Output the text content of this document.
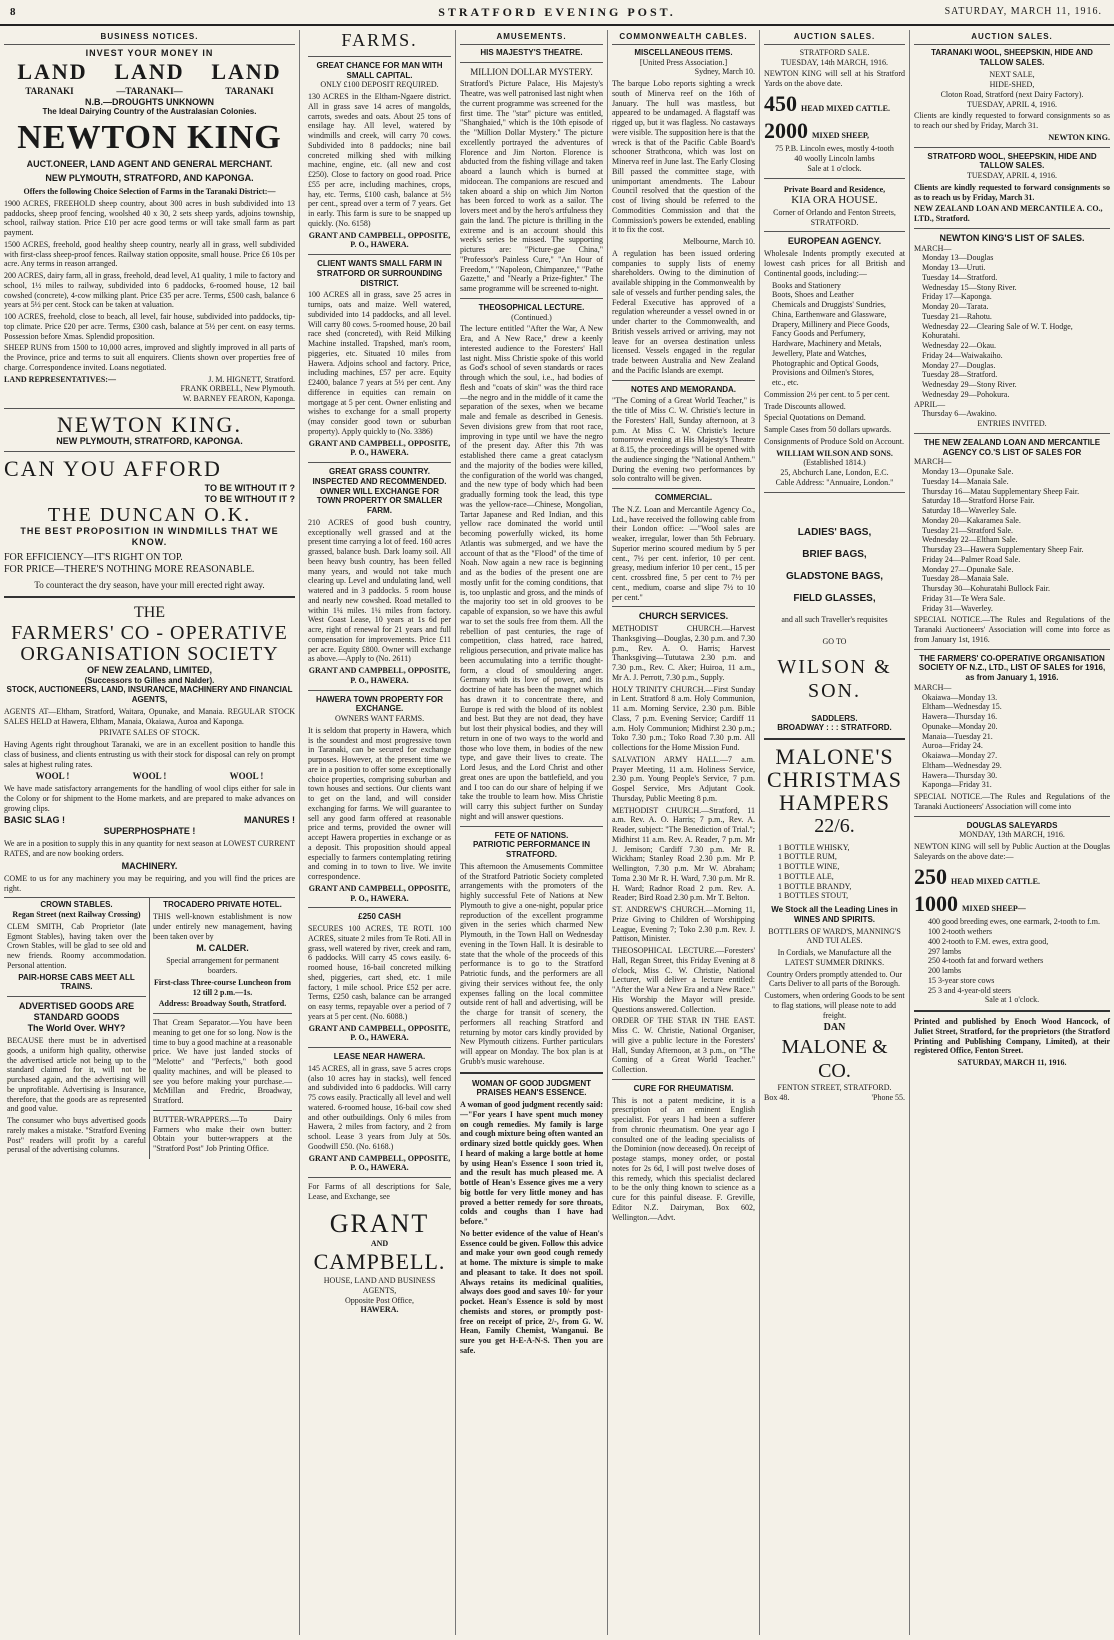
8	STRATFORD EVENING POST.	SATURDAY, MARCH 11, 1916.
BUSINESS NOTICES.
INVEST YOUR MONEY IN
LAND LAND LAND
TARANAKI	—TARANAKI—	TARANAKI
N.B.—DROUGHTS UNKNOWN
The Ideal Dairying Country of the Australasian Colonies.
NEWTON KING
AUCT.ONEER, LAND AGENT AND GENERAL MERCHANT.
NEW PLYMOUTH, STRATFORD, AND KAPONGA.
Offers the following Choice Selection of Farms in the Taranaki District:—

1900 ACRES, FREEHOLD sheep country, about 300 acres in bush subdivided into 13 paddocks, sheep proof fencing, woolshed 40 x 30, 2 sets sheep yards, adjoins township, school, railway station. Price £10 per acre good terms or will take small farm as part payment.

1500 ACRES, freehold, good healthy sheep country, nearly all in grass, well subdivided with first-class sheep-proof fences. Railway station opposite, small house. Price £6 10s per acre. Any terms in reason arranged.

200 ACRES, dairy farm, all in grass, freehold, dead level, A1 quality, 1 mile to factory and school, 1½ miles to railway, subdivided into 6 paddocks, 6-roomed house, 12 bail cowshed (concrete), 4-cow milking plant. Price £35 per acre. Terms, £500 cash, balance 6 years at 5½ per cent. Stock can be taken at valuation.

100 ACRES, freehold, close to beach, all level, fair house, subdivided into paddocks, tip-top climate. Price £20 per acre. Terms, £300 cash, balance at 5½ per cent. on easy terms. Possession before Xmas. Splendid proposition.

SHEEP RUNS from 1500 to 10,000 acres, improved and slightly improved in all parts of the Province, price and terms to suit all enquirers. Clients shown over properties free of charge. Correspondence invited. Loans negotiated.

LAND REPRESENTATIVES:—	J. M. HIGNETT, Stratford.
FRANK ORBELL, New Plymouth.
W. BARNEY FEARON, Kaponga.
NEWTON KING.
NEW PLYMOUTH, STRATFORD, KAPONGA.
CAN YOU AFFORD
TO BE WITHOUT IT ?
TO BE WITHOUT IT ?
THE DUNCAN O.K.
THE BEST PROPOSITION IN WINDMILLS THAT WE KNOW.
FOR EFFICIENCY—IT'S RIGHT ON TOP.
FOR PRICE—THERE'S NOTHING MORE REASONABLE.
To counteract the dry season, have your mill erected right away.
THE
FARMERS' CO - OPERATIVE ORGANISATION SOCIETY
OF NEW ZEALAND, LIMITED,
(Successors to Gilles and Nalder).
STOCK, AUCTIONEERS, LAND, INSURANCE, MACHINERY AND FINANCIAL AGENTS,

AGENTS AT—Eltham, Stratford, Waitara, Opunake, and Manaia. REGULAR STOCK SALES HELD at Hawera, Eltham, Manaia, Okaiawa, Auroa and Kaponga.

PRIVATE SALES OF STOCK.

Having Agents right throughout Taranaki, we are in an excellent position to handle this class of business, and clients entrusting us with their stock for disposal can rely on prompt sales at highest ruling rates.

WOOL !	WOOL !	WOOL !

We have made satisfactory arrangements for the handling of wool clips either for sale in the Colony or for shipment to the Home markets, and are prepared to make advances on growing clips.

BASIC SLAG !	MANURES !
SUPERPHOSPHATE !

We are in a position to supply this in any quantity for next season at LOWEST CURRENT RATES, and are now booking orders.

MACHINERY.

COME to us for any machinery you may be requiring, and you will find the prices are right.

CROWN STABLES.
Regan Street (next Railway Crossing)

CLEM SMITH, Cab Proprietor (late Egmont Stables), having taken over the Crown Stables, will be glad to see old and new friends. Roomy accommodation. Personal attention.

PAIR-HORSE CABS MEET ALL TRAINS.
ADVERTISED GOODS ARE
STANDARD GOODS
The World Over. WHY?

BECAUSE there must be in advertised goods, a uniform high quality, otherwise the advertised article not being up to the standard claimed for it, will not be purchased again, and the advertising will be unprofitable. Advertising is Insurance, therefore, that the goods are as represented and good value.

The consumer who buys advertised goods rarely makes a mistake. "Stratford Evening Post" readers will profit by a careful perusal of the advertising columns.

TROCADERO PRIVATE HOTEL.

THIS well-known establishment is now under entirely new management, having been taken over by

M. CALDER.

Special arrangement for permanent boarders.

First-class Three-course Luncheon from 12 till 2 p.m.—1s.

Address: Broadway South, Stratford.

That Cream Separator.—You have been meaning to get one for so long. Now is the time to buy a good machine at a reasonable price. We have just landed stocks of "Melotte" and "Perfects," both good quality machines, and will be pleased to see you before making your purchase.—McMillan and Fredric, Broadway, Stratford.

BUTTER-WRAPPERS.—To Dairy Farmers who make their own butter: Obtain your butter-wrappers at the "Stratford Post" Job Printing Office.

FARMS.
GREAT CHANCE FOR MAN WITH SMALL CAPITAL.
ONLY £100 DEPOSIT REQUIRED.

130 ACRES in the Eltham-Ngaere district. All in grass save 14 acres of mangolds, carrots, swedes and oats. About 25 tons of ensilage hay. All level, watered by windmills and creek, will carry 70 cows. Subdivided into 8 paddocks; nine bail concreted milking shed with milking machine, engine, etc. (all new and cost £250). Close to factory on good road. Price £55 per acre, including machines, crops, hay, etc. Terms, £100 cash, balance at 5½ per cent., spread over a term of 7 years. Get in early. This farm is sure to be snapped up quickly. (No. 6158)

GRANT AND CAMPBELL, OPPOSITE, P. O., HAWERA.
CLIENT WANTS SMALL FARM IN STRATFORD OR SURROUNDING DISTRICT.

100 ACRES all in grass, save 25 acres in turnips, oats and maize. Well watered, subdivided into 14 paddocks, and all level. Will carry 80 cows. 5-roomed house, 20 bail race shed (concreted), with Reid Milking Machine installed. Trapshed, man's room, piggeries, etc. Situated 10 miles from Hawera. Adjoins school and factory. Price, including machines, £57 per acre. Equity £2400, balance 7 years at 5½ per cent. Any difference in equities can remain on mortgage at 5 per cent. Owner enlisting and wishes to exchange for a small property (may consider good town or suburban property). Apply quickly to (No. 3386)

GRANT AND CAMPBELL, OPPOSITE, P. O., HAWERA.
GREAT GRASS COUNTRY. INSPECTED AND RECOMMENDED.
OWNER WILL EXCHANGE FOR TOWN PROPERTY OR SMALLER FARM.

210 ACRES of good bush country, exceptionally well grassed and at the present time carrying a lot of feed. 160 acres grassed, balance bush. Dark loamy soil. All been heavy bush country, has been felled many years, and would not take much clearing up. Level and undulating land, well watered and in 3 paddocks. 5 room house and nearly new cowshed. Road metalled to within 1¼ miles. 1¼ miles from factory. West Coast Lease, 10 years at 1s 6d per acre, right of renewal for 21 years and full compensation for improvements. Price £11 per acre. Equity £800. Owner will exchange as above.—Apply to (No. 2611)

GRANT AND CAMPBELL, OPPOSITE, P. O., HAWERA.
HAWERA TOWN PROPERTY FOR EXCHANGE.
OWNERS WANT FARMS.

It is seldom that property in Hawera, which is the soundest and most progressive town in Taranaki, can be secured for exchange purposes. However, at the present time we are in a position to offer some exceptionally choice properties, comprising suburban and town houses and sections. Our clients want to get on the land, and will consider exchanging for farms. We will guarantee to sell any good farm offered at reasonable price and terms, provided the owner will accept Hawera properties in exchange or as a deposit. This proposition should appeal especially to farmers contemplating retiring and coming in to town to live. We invite correspondence.

GRANT AND CAMPBELL, OPPOSITE, P. O., HAWERA.
£250 CASH

SECURES 100 ACRES, TE ROTI. 100 ACRES, situate 2 miles from Te Roti. All in grass, well watered by river, creek and ram, 6 paddocks. Will carry 45 cows easily. 6-roomed house, 16-bail concreted milking shed, piggeries, cart shed, etc. 1 mile factory, 1 mile school. Price £52 per acre. Terms, £250 cash, balance can be arranged on easy terms, repayable over a period of 7 years at 5 per cent. (No. 6088.)

GRANT AND CAMPBELL, OPPOSITE, P. O., HAWERA.
LEASE NEAR HAWERA.

145 ACRES, all in grass, save 5 acres crops (also 10 acres hay in stacks), well fenced and subdivided into 6 paddocks. Will carry 75 cows easily. Practically all level and well watered. 6-roomed house, 16-bail cow shed and other outbuildings. Only 6 miles from Hawera, 2 miles from factory, and 2 from school. Lease 3 years from July at 50s. Goodwill £50. (No. 6168.)

GRANT AND CAMPBELL, OPPOSITE, P. O., HAWERA.

For Farms of all descriptions for Sale, Lease, and Exchange, see

GRANT
AND
CAMPBELL.
HOUSE, LAND AND BUSINESS AGENTS,
Opposite Post Office,
HAWERA.
AMUSEMENTS.
HIS MAJESTY'S THEATRE.
MILLION DOLLAR MYSTERY.

Stratford's Picture Palace, His Majesty's Theatre, was well patronised last night when the current programme was screened for the first time. The "star" picture was entitled, "Shanghaied," which is the 10th episode of the "Million Dollar Mystery." The picture excellently portrayed the adventures of Florence and Jim Norton. Florence is abducted from the fishing village and taken aboard a launch which is burned at midocean. The companions are rescued and taken aboard a ship on which Jim Norton has been forced to work as a sailor. The lovers meet and by the hero's artfulness they gain the land. The picture is thrilling in the extreme and is an account should this week's series be missed. The supporting pictures are: "Picture-gae China," "Professor's Painless Cure," "An Hour of Freedom," "Napoleon, Chimpanzee," "Pathe Gazette," and "Nearly a Prize-fighter." The same programme will be screened to-night.

THEOSOPHICAL LECTURE.
(Continued.)

The lecture entitled "After the War, A New Era, and A New Race," drew a keenly interested audience to the Foresters' Hall last night. Miss Christie spoke of this world as God's school of seven standards or races through which the soul, i.e., had bodies of flesh and "coats of skin" was the third race—the negro and in the middle of it came the separation of the sexes, when we became male and female as described in Genesis. Seven divisions grew from that root race, improving in type until we have the negro of the present day. After this 7th was established there came a great cataclysm and the majority of the bodies were killed, the configuration of the world was changed, and the new type of body which had been gradually forming took the lead, this type was the yellow-race—Chinese, Mongolian, Tartar Japanese and Red Indian, and this yellow race dominated the world until becoming powerfully wicked, its home Atlantis was submerged, and we have the account of that as the "Flood" of the time of Noah. Now again a new race is beginning and as the bodies of the present one are mostly unfit for the coming conditions, that is, too unplastic and gross, and the minds of the majority too set in old grooves to be capable of expansion, so we have this awful war to set the souls free from them. All the rebellion of past centuries, the rage of competition, class hatred, race hatred, religious persecution, and private malice has been accumulating into a terrific thought-form, a cloud of smouldering anger. Germany with its love of power, and its doctrine of hate has been the magnet which has drawn it to concentrate there, and Europe is red with the blood of its noblest and best. But they are not dead, they have but lost their physical bodies, and they will return in one of two ways to the world and those who love them, in bodies of the new type, and gave their lives to create. The Lord Jesus, and the Lord Christ and other great ones are upon the battlefield, and you and I too can do our share of helping if we take the trouble to learn how. Miss Christie will carry this subject further on Sunday night and will answer questions.

FETE OF NATIONS.
PATRIOTIC PERFORMANCE IN STRATFORD.

This afternoon the Amusements Committee of the Stratford Patriotic Society completed arrangements with the promoters of the highly successful Fete of Nations at New Plymouth to give a one-night, popular price reproduction of the excellent programme given in the series which charmed New Plymouth, in the Town Hall on Wednesday evening in the Town Hall. It is desirable to state that the whole of the proceeds of this performance is to go to the Stratford Patriotic funds, and the performers are all giving their services without fee, the only expenses falling on the local committee outside rent of hall and advertising, will be the charge for transit of scenery, the performers all reaching Stratford and returning by motor cars kindly provided by New Plymouth citizens. Further particulars will appear on Monday. The box plan is at Grubb's music warehouse.

WOMAN OF GOOD JUDGMENT PRAISES HEAN'S ESSENCE.

A woman of good judgment recently said:—"For years I have spent much money on cough remedies. My family is large and cough mixture being often wanted an ordinary sized bottle quickly goes. When I heard of making a large bottle at home by using Hean's Essence I soon tried it, and the result has much pleased me. A bottle of Hean's Essence gives me a very big bottle for very little money and has proved a better remedy for sore throats, colds and coughs than I have had before."

No better evidence of the value of Hean's Essence could be given. Follow this advice and make your own good cough remedy at home. The mixture is simple to make and pleasant to take. It does not spoil. Always retains its medicinal qualities, always does good and saves 10/- for your pocket. Hean's Essence is sold by most chemists and stores, or promptly post-free on receipt of price, 2/-, from G. W. Hean, Family Chemist, Wanganui. Be sure you get H-E-A-N-S. Then you are safe.

COMMONWEALTH CABLES.
MISCELLANEOUS ITEMS.
[United Press Association.]
Sydney, March 10.

The barque Lobo reports sighting a wreck south of Minerva reef on the 16th of January. The hull was mastless, but appeared to be undamaged. A flagstaff was rigged up, but it was flagless. No castaways were visible. The supposition here is that the wreck is that of the Pacific Cable Board's schooner Strathcona, which was lost on Minerva reef in June last. The Early Closing Bill passed the committee stage, with unimportant amendments. The Labour Council resolved that the question of the cost of living should be referred to the Commodities Commission and that the Commission's powers be extended, enabling it to fix the cost.

Melbourne, March 10.

A regulation has been issued ordering companies to supply lists of enemy shareholders. Owing to the diminution of available shipping in the Commonwealth by sale of vessels and further pending sales, the Federal Executive has approved of a regulation whereunder a vessel owned in or under charter to the Commonwealth, and British vessels arrived or arriving, may not leave for an oversea destination unless licensed. Vessels engaged in the regular trade between Australia and New Zealand and the Pacific Islands are exempt.

NOTES AND MEMORANDA.

"The Coming of a Great World Teacher," is the title of Miss C. W. Christie's lecture in the Foresters' Hall, Sunday afternoon, at 3 p.m. At Miss C. W. Christie's lecture tomorrow evening at His Majesty's Theatre at 8.15, the proceedings will be opened with the audience singing the "National Anthem." During the evening two performances by solo contralto will be given.

COMMERCIAL.

The N.Z. Loan and Mercantile Agency Co., Ltd., have received the following cable from their London office: —"Wool sales are weaker, irregular, lower than 5th February. Superior merino scoured medium by 5 per cent., 7½ per cent. inferior, 10 per cent. greasy, medium inferior 10 per cent., 15 per cent. crossbred fine, 5 per cent to 7½ per cent., medium, coarse and slipe 7½ to 10 per cent."

CHURCH SERVICES.

METHODIST CHURCH.—Harvest Thanksgiving—Douglas, 2.30 p.m. and 7.30 p.m., Rev. A. O. Harris; Harvest Thanksgiving—Tututawa 2.30 p.m. and 7.30 p.m., Rev. C. Aker; Huiroa, 11 a.m., Mr A. J. Perrott, 7.30 p.m., Supply.

HOLY TRINITY CHURCH.—First Sunday in Lent. Stratford 8 a.m. Holy Communion, 11 a.m. Morning Service, 2.30 p.m. Bible Class, 7 p.m. Evening Service; Cardiff 11 a.m. Holy Communion; Midhirst 2.30 p.m.; Toko 7.30 p.m.; Toko Road 7.30 p.m. All collections for the Home Mission Fund.

SALVATION ARMY HALL.—7 a.m. Prayer Meeting, 11 a.m. Holiness Service, 2.30 p.m. Young People's Service, 7 p.m. Gospel Service, Mrs Adjutant Cook. Thursday, Public Meeting 8 p.m.

METHODIST CHURCH.—Stratford, 11 a.m. Rev. A. O. Harris; 7 p.m., Rev. A. Reader, subject: "The Benediction of Trial."; Midhirst 11 a.m. Rev. A. Reader, 7 p.m. Mr J. Jemison; Cardiff 7.30 p.m. Mr R. Wickham; Stanley Road 2.30 p.m. Mr P. Wellington, 7.30 p.m. Mr W. Abraham; Toma 2.30 Mr R. H. Ward, 7.30 p.m. Mr R. H. Ward; Radnor Road 2 p.m. Rev. A. Reader; Bird Road 2.30 p.m. Mr T. Belton.

ST. ANDREW'S CHURCH.—Morning 11, Prize Giving to Children of Worshipping League, Evening 7; Toko 2.30 p.m. Rev. J. Pattison, Minister.

THEOSOPHICAL LECTURE.—Foresters' Hall, Regan Street, this Friday Evening at 8 o'clock, Miss C. W. Christie, National Lecturer, will deliver a lecture entitled: "After the War a New Era and a New Race." His Worship the Mayor will preside. Questions answered. Collection.

ORDER OF THE STAR IN THE EAST. Miss C. W. Christie, National Organiser, will give a public lecture in the Foresters' Hall, Sunday Afternoon, at 3 p.m., on "The Coming of a Great World Teacher." Collection.

CURE FOR RHEUMATISM.

This is not a patent medicine, it is a prescription of an eminent English specialist. For years I had been a sufferer from chronic rheumatism. One year ago I consulted one of the leading specialists of the Dominion (now deceased). On receipt of postage stamps, money order, or postal notes for 2s 6d, I will post twelve doses of this remedy, which this specialist declared to be the only thing known to science as a cure for this painful disease. F. Greville, Editor N.Z. Dairyman, Box 602, Wellington.—Advt.

AUCTION SALES.
STRATFORD SALE.
TUESDAY, 14th MARCH, 1916.

NEWTON KING will sell at his Stratford Yards on the above date.

450 HEAD MIXED CATTLE.
2000 MIXED SHEEP,
75 P.B. Lincoln ewes, mostly 4-tooth
40 woolly Lincoln lambs
Sale at 1 o'clock.
Private Board and Residence,
KIA ORA HOUSE.
Corner of Orlando and Fenton Streets,
STRATFORD.
EUROPEAN AGENCY.

Wholesale Indents promptly executed at lowest cash prices for all British and Continental goods, including:—

Books and Stationery
Boots, Shoes and Leather
Chemicals and Druggists' Sundries,
China, Earthenware and Glassware,
Drapery, Millinery and Piece Goods,
Fancy Goods and Perfumery,
Hardware, Machinery and Metals,
Jewellery, Plate and Watches,
Photographic and Optical Goods,
Provisions and Oilmen's Stores,
etc., etc.

Commission 2½ per cent. to 5 per cent.

Trade Discounts allowed.

Special Quotations on Demand.

Sample Cases from 50 dollars upwards.

Consignments of Produce Sold on Account.

WILLIAM WILSON AND SONS.
(Established 1814.)
25, Abchurch Lane, London, E.C.
Cable Address: "Annuaire, London."
LADIES' BAGS,
BRIEF BAGS,
GLADSTONE BAGS,
FIELD GLASSES,
and all such Traveller's requisites
GO TO
WILSON &
SON.
SADDLERS.
BROADWAY : : : STRATFORD.
MALONE'S
CHRISTMAS
HAMPERS
22/6.
1 BOTTLE WHISKY,
1 BOTTLE RUM,
1 BOTTLE WINE,
1 BOTTLE ALE,
1 BOTTLE BRANDY,
1 BOTTLES STOUT,

We Stock all the Leading Lines in WINES AND SPIRITS.

BOTTLERS OF WARD'S, MANNING'S AND TUI ALES.

In Cordials, we Manufacture all the LATEST SUMMER DRINKS.

Country Orders promptly attended to. Our Carts Deliver to all parts of the Borough.

Customers, when ordering Goods to be sent to flag stations, will please note to add freight.

DAN
MALONE & CO.
FENTON STREET, STRATFORD.
Box 48.	'Phone 55.
AUCTION SALES.
TARANAKI WOOL, SHEEPSKIN, HIDE AND TALLOW SALES.
NEXT SALE,
HIDE-SHED,
Cloton Road, Stratford (next Dairy Factory).
TUESDAY, APRIL 4, 1916.

Clients are kindly requested to forward consignments so as to reach our shed by Friday, March 31.

NEWTON KING.
STRATFORD WOOL, SHEEPSKIN, HIDE AND TALLOW SALES.
TUESDAY, APRIL 4, 1916.

Clients are kindly requested to forward consignments so as to reach us by Friday, March 31.

NEW ZEALAND LOAN AND MERCANTILE A. CO., LTD., Stratford.
NEWTON KING'S LIST OF SALES.
MARCH—
Monday 13—Douglas
Monday 13—Uruti.
Tuesday 14—Stratford.
Wednesday 15—Stony River.
Friday 17—Kaponga.
Monday 20—Tarata.
Tuesday 21—Rahotu.
Wednesday 22—Clearing Sale of W. T. Hodge, Kohuratahi.
Wednesday 22—Okau.
Friday 24—Waiwakaiho.
Monday 27—Douglas.
Tuesday 28—Stratford.
Wednesday 29—Stony River.
Wednesday 29—Pohokura.
APRIL—
Thursday 6—Awakino.
ENTRIES INVITED.
THE NEW ZEALAND LOAN AND MERCANTILE AGENCY CO.'S LIST OF SALES FOR
MARCH—
Monday 13—Opunake Sale.
Tuesday 14—Manaia Sale.
Thursday 16—Matau Supplementary Sheep Fair.
Saturday 18—Stratford Horse Fair.
Saturday 18—Waverley Sale.
Monday 20—Kakaramea Sale.
Tuesday 21—Stratford Sale.
Wednesday 22—Eltham Sale.
Thursday 23—Hawera Supplementary Sheep Fair.
Friday 24—Palmer Road Sale.
Monday 27—Opunake Sale.
Tuesday 28—Manaia Sale.
Thursday 30—Kohuratahi Bullock Fair.
Friday 31—Te Wera Sale.
Friday 31—Waverley.

SPECIAL NOTICE.—The Rules and Regulations of the Taranaki Auctioneers' Association will come into force as from January 1st, 1916.

THE FARMERS' CO-OPERATIVE ORGANISATION SOCIETY OF N.Z., LTD., LIST OF SALES for 1916, as from January 1, 1916.
MARCH—
Okaiawa—Monday 13.
Eltham—Wednesday 15.
Hawera—Thursday 16.
Opunake—Monday 20.
Manaia—Tuesday 21.
Auroa—Friday 24.
Okaiawa—Monday 27.
Eltham—Wednesday 29.
Hawera—Thursday 30.
Kaponga—Friday 31.

SPECIAL NOTICE.—The Rules and Regulations of the Taranaki Auctioneers' Association will come into

DOUGLAS SALEYARDS
MONDAY, 13th MARCH, 1916.

NEWTON KING will sell by Public Auction at the Douglas Saleyards on the above date:—

250 HEAD MIXED CATTLE.
1000 MIXED SHEEP—
400 good breeding ewes, one earmark, 2-tooth to f.m.
100 2-tooth wethers
400 2-tooth to F.M. ewes, extra good,
297 lambs
250 4-tooth fat and forward wethers
200 lambs
15 3-year store cows
25 3 and 4-year-old steers
Sale at 1 o'clock.

Printed and published by Enoch Wood Hancock, of Juliet Street, Stratford, for the proprietors (the Stratford Printing and Publishing Company, Limited), at their registered Office, Fenton Street.

SATURDAY, MARCH 11, 1916.
